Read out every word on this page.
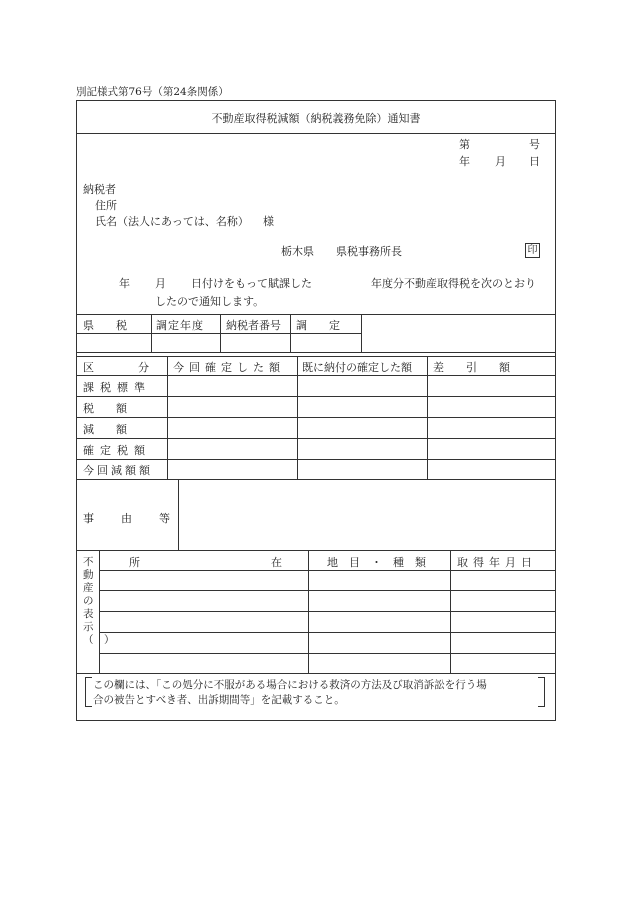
別記様式第76号（第24条関係）
不動産取得税減額（納税義務免除）通知書
第	号
年 月 日
納税者
住所
氏名（法人にあっては、名称） 様
栃木県　　県税事務所長	印
年 月 日付けをもって賦課した	年度分不動産取得税を次のとおり
したので通知します。
県　　税	調定年度 納税者番号 調　　定
区　　　　分 今回確定した額 既に納付の確定した額 差　　引　　額
課税標準
税　　額
減　　額
確定税額
今回減額額
事　由　等
不動産の表示（　）
所	在	地　目　・　種　類	取得年月日
この欄には、「この処分に不服がある場合における救済の方法及び取消訴訟を行う場
合の被告とすべき者、出訴期間等」を記載すること。
